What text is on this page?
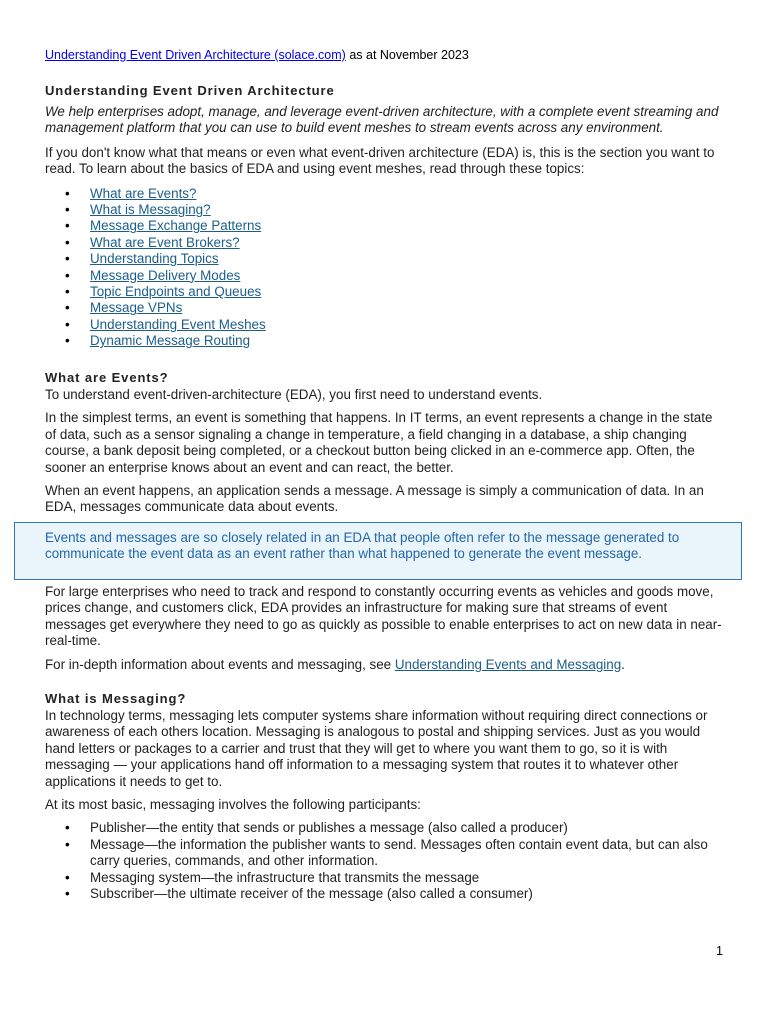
Understanding Event Driven Architecture (solace.com) as at November 2023
Understanding Event Driven Architecture

We help enterprises adopt, manage, and leverage event-driven architecture, with a complete event streaming and management platform that you can use to build event meshes to stream events across any environment.

If you don't know what that means or even what event-driven architecture (EDA) is, this is the section you want to read. To learn about the basics of EDA and using event meshes, read through these topics:

• What are Events?
• What is Messaging?
• Message Exchange Patterns
• What are Event Brokers?
• Understanding Topics
• Message Delivery Modes
• Topic Endpoints and Queues
• Message VPNs
• Understanding Event Meshes
• Dynamic Message Routing
What are Events?

To understand event-driven-architecture (EDA), you first need to understand events.

In the simplest terms, an event is something that happens. In IT terms, an event represents a change in the state of data, such as a sensor signaling a change in temperature, a field changing in a database, a ship changing course, a bank deposit being completed, or a checkout button being clicked in an e-commerce app. Often, the sooner an enterprise knows about an event and can react, the better.

When an event happens, an application sends a message. A message is simply a communication of data. In an EDA, messages communicate data about events.

Events and messages are so closely related in an EDA that people often refer to the message generated to communicate the event data as an event rather than what happened to generate the event message.

For large enterprises who need to track and respond to constantly occurring events as vehicles and goods move, prices change, and customers click, EDA provides an infrastructure for making sure that streams of event messages get everywhere they need to go as quickly as possible to enable enterprises to act on new data in near-real-time.

For in-depth information about events and messaging, see Understanding Events and Messaging.

What is Messaging?

In technology terms, messaging lets computer systems share information without requiring direct connections or awareness of each others location. Messaging is analogous to postal and shipping services. Just as you would hand letters or packages to a carrier and trust that they will get to where you want them to go, so it is with messaging — your applications hand off information to a messaging system that routes it to whatever other applications it needs to get to.

At its most basic, messaging involves the following participants:

• Publisher—the entity that sends or publishes a message (also called a producer)
• Message—the information the publisher wants to send. Messages often contain event data, but can also carry queries, commands, and other information.
• Messaging system—the infrastructure that transmits the message
• Subscriber—the ultimate receiver of the message (also called a consumer)
1
